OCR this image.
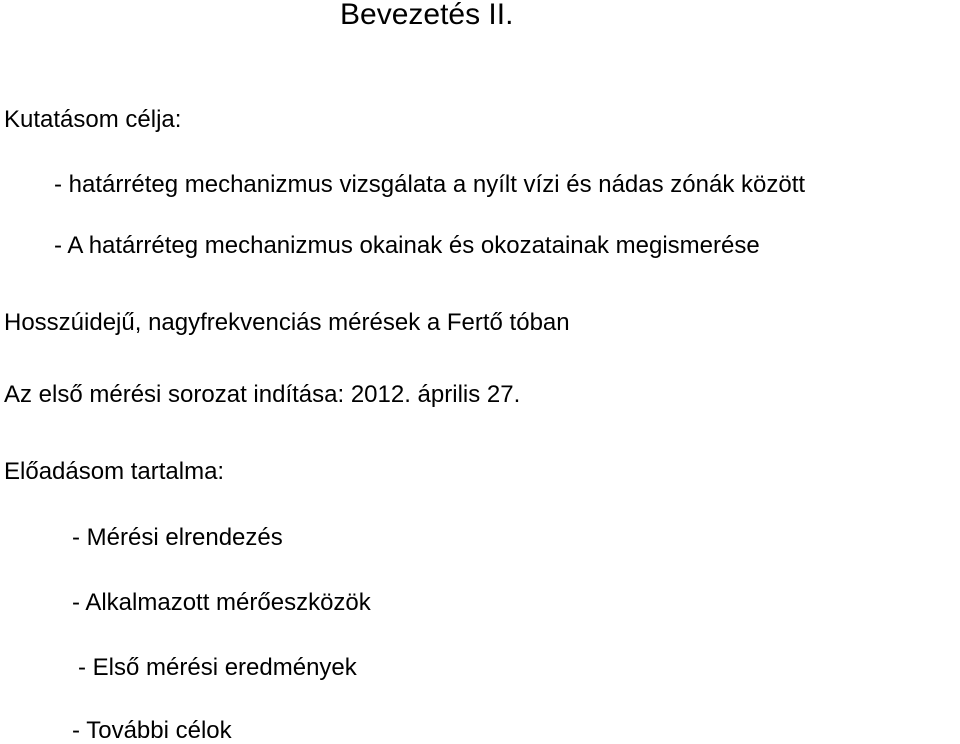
Bevezetés II.
Kutatásom célja:
- határréteg mechanizmus vizsgálata a nyílt vízi és nádas zónák között
- A határréteg mechanizmus okainak és okozatainak megismerése
Hosszúidejű, nagyfrekvenciás mérések a Fertő tóban
Az első mérési sorozat indítása: 2012. április 27.
Előadásom tartalma:
- Mérési elrendezés
- Alkalmazott mérőeszközök
- Első mérési eredmények
- További célok
